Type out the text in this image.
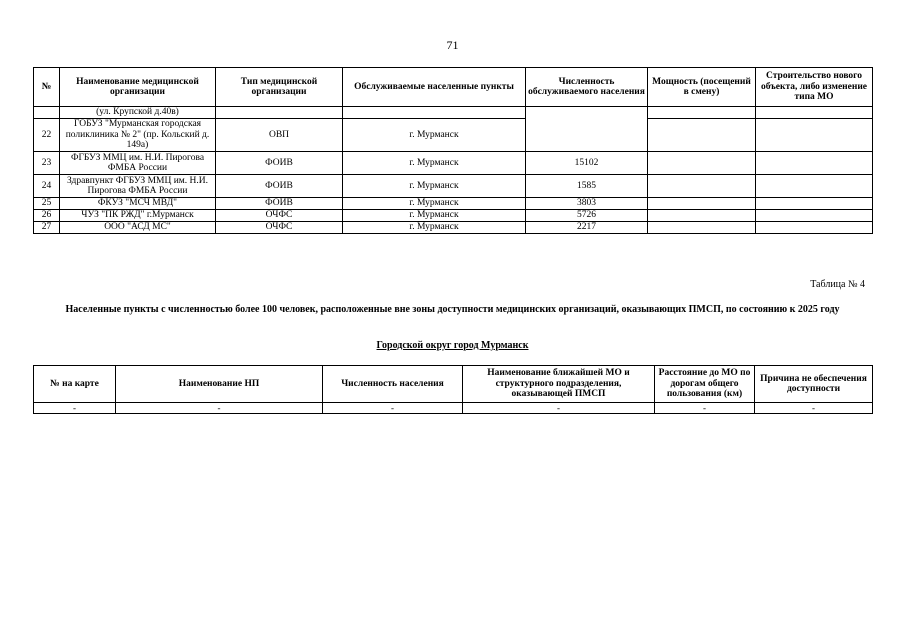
71
№	Наименование медицинской организации	Тип медицинской организации	Обслуживаемые населенные пункты	Численность обслуживаемого населения	Мощность (посещений в смену)	Строительство нового объекта, либо изменение типа МО
	(ул. Крупской д.40в)					
22	ГОБУЗ "Мурманская городская поликлиника № 2" (пр. Кольский д. 149а)	ОВП	г. Мурманск			
23	ФГБУЗ ММЦ им. Н.И. Пирогова ФМБА России	ФОИВ	г. Мурманск	15102		
24	Здравпункт ФГБУЗ ММЦ им. Н.И. Пирогова ФМБА России	ФОИВ	г. Мурманск	1585		
25	ФКУЗ "МСЧ МВД"	ФОИВ	г. Мурманск	3803		
26	ЧУЗ "ПК РЖД" г.Мурманск	ОЧФС	г. Мурманск	5726		
27	ООО "АСД МС"	ОЧФС	г. Мурманск	2217		
Таблица № 4
Населенные пункты с численностью более 100 человек, расположенные вне зоны доступности медицинских организаций, оказывающих ПМСП, по состоянию к 2025 году
Городской округ город Мурманск
№ на карте	Наименование НП	Численность населения	Наименование ближайшей МО и структурного подразделения, оказывающей ПМСП	Расстояние до МО по дорогам общего пользования (км)	Причина не обеспечения доступности
-	-	-	-	-	-
